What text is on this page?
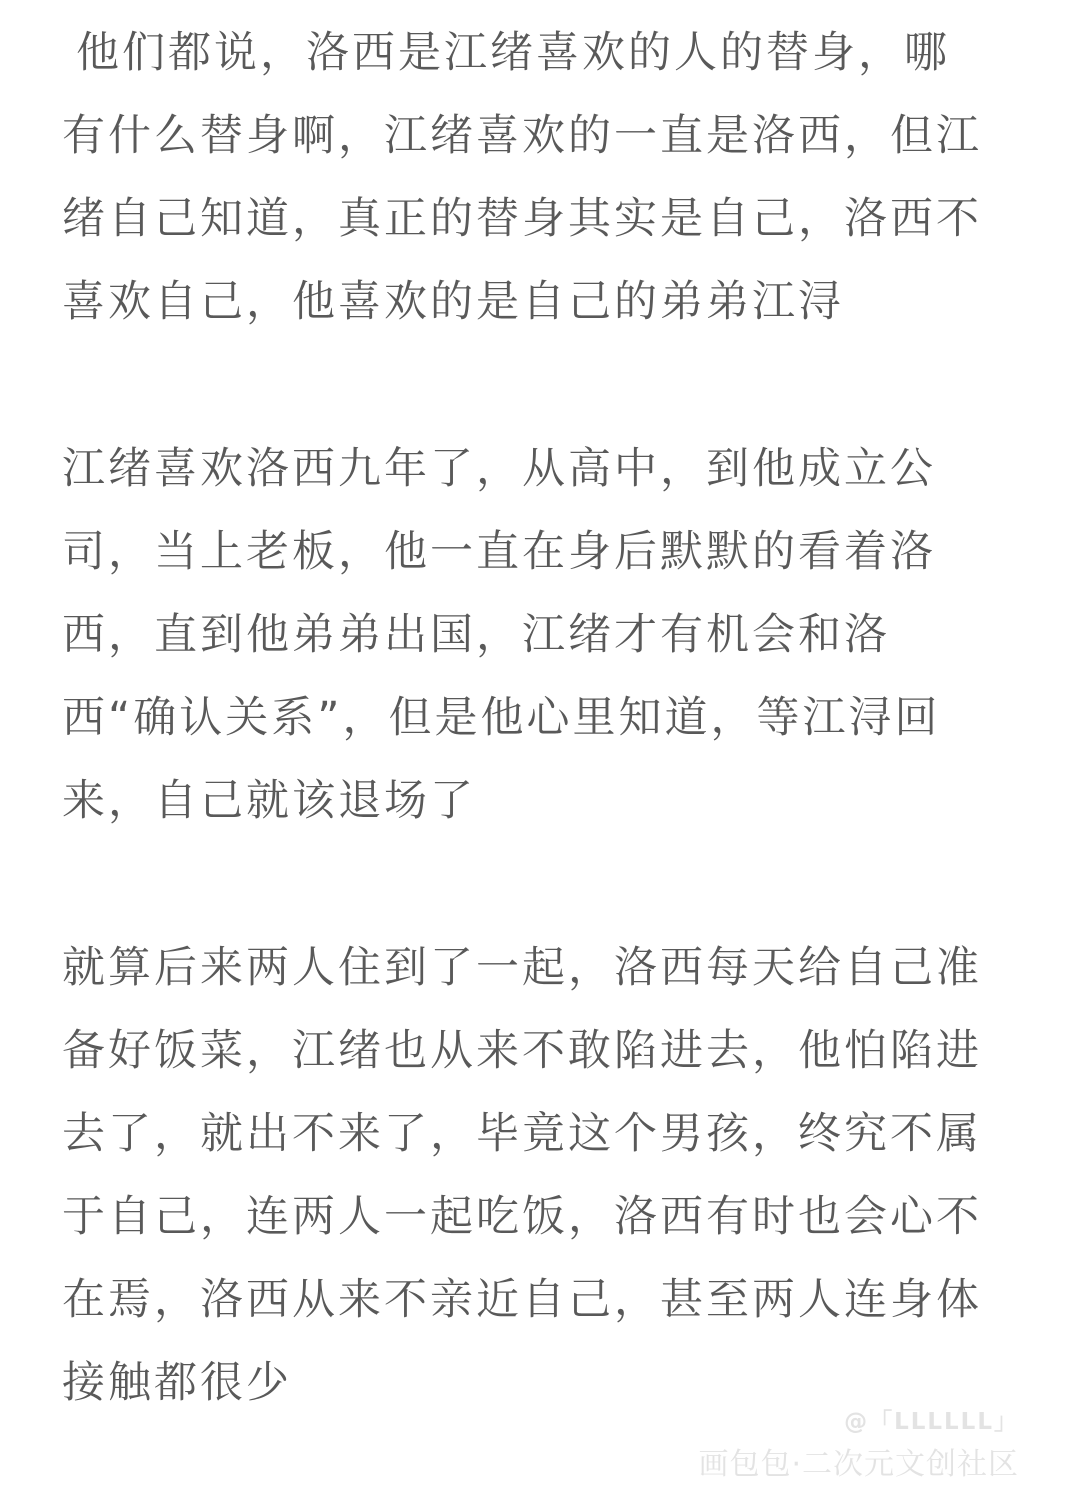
他们都说，洛西是江绪喜欢的人的替身，哪
有什么替身啊，江绪喜欢的一直是洛西，但江
绪自己知道，真正的替身其实是自己，洛西不
喜欢自己，他喜欢的是自己的弟弟江浔
江绪喜欢洛西九年了，从高中，到他成立公
司，当上老板，他一直在身后默默的看着洛
西，直到他弟弟出国，江绪才有机会和洛
西“确认关系”，但是他心里知道，等江浔回
来，自己就该退场了
就算后来两人住到了一起，洛西每天给自己准
备好饭菜，江绪也从来不敢陷进去，他怕陷进
去了，就出不来了，毕竟这个男孩，终究不属
于自己，连两人一起吃饭，洛西有时也会心不
在焉，洛西从来不亲近自己，甚至两人连身体
接触都很少
@「LLLLLL」
画包包·二次元文创社区
